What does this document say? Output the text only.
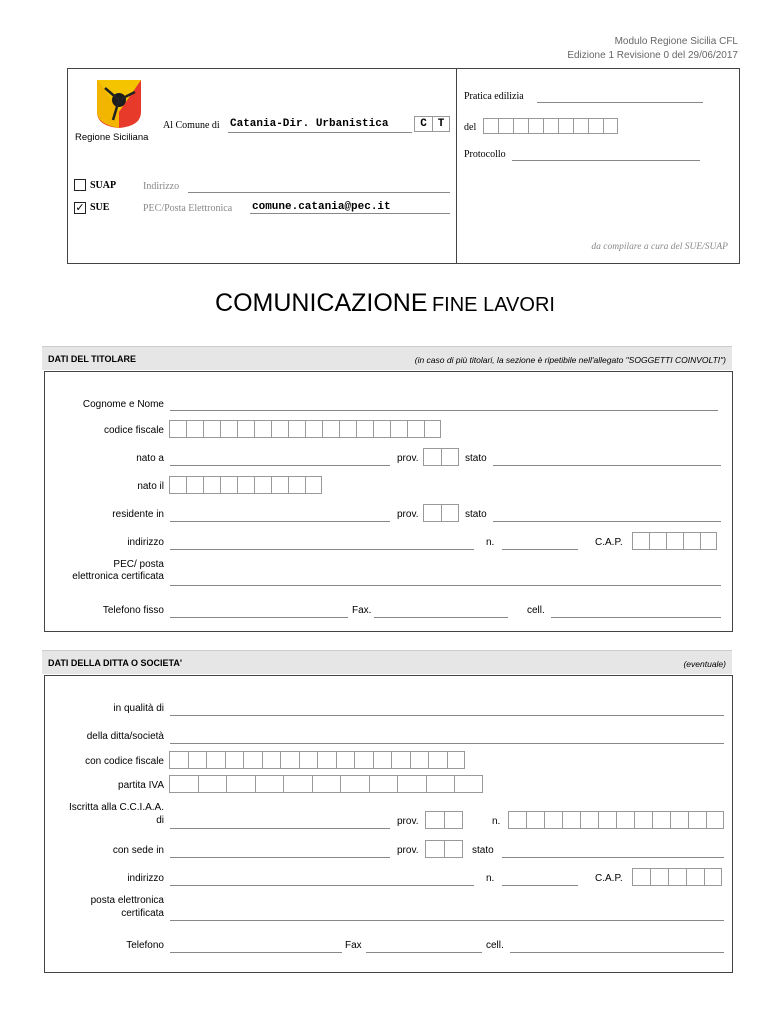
Modulo Regione Sicilia CFL
Edizione 1 Revisione 0 del 29/06/2017
Regione Siciliana
Al Comune di Catania-Dir. Urbanistica	C T
SUAP	Indirizzo
✓ SUE	PEC/Posta Elettronica comune.catania@pec.it
Pratica edilizia
del
Protocollo
da compilare a cura del SUE/SUAP
COMUNICAZIONE FINE LAVORI
DATI DEL TITOLARE	(in caso di più titolari, la sezione è ripetibile nell'allegato "SOGGETTI COINVOLTI")
Cognome e Nome
codice fiscale
nato a	prov.	stato
nato il
residente in	prov.	stato
indirizzo	n.	C.A.P.
PEC/ posta
elettronica certificata
Telefono fisso	Fax.	cell.
DATI DELLA DITTA O SOCIETA'	(eventuale)
in qualità di
della ditta/società
con codice fiscale
partita IVA
Iscritta alla C.C.I.A.A.
di	prov.	n.
con sede in	prov.	stato
indirizzo	n.	C.A.P.
posta elettronica
certificata
Telefono	Fax	cell.
